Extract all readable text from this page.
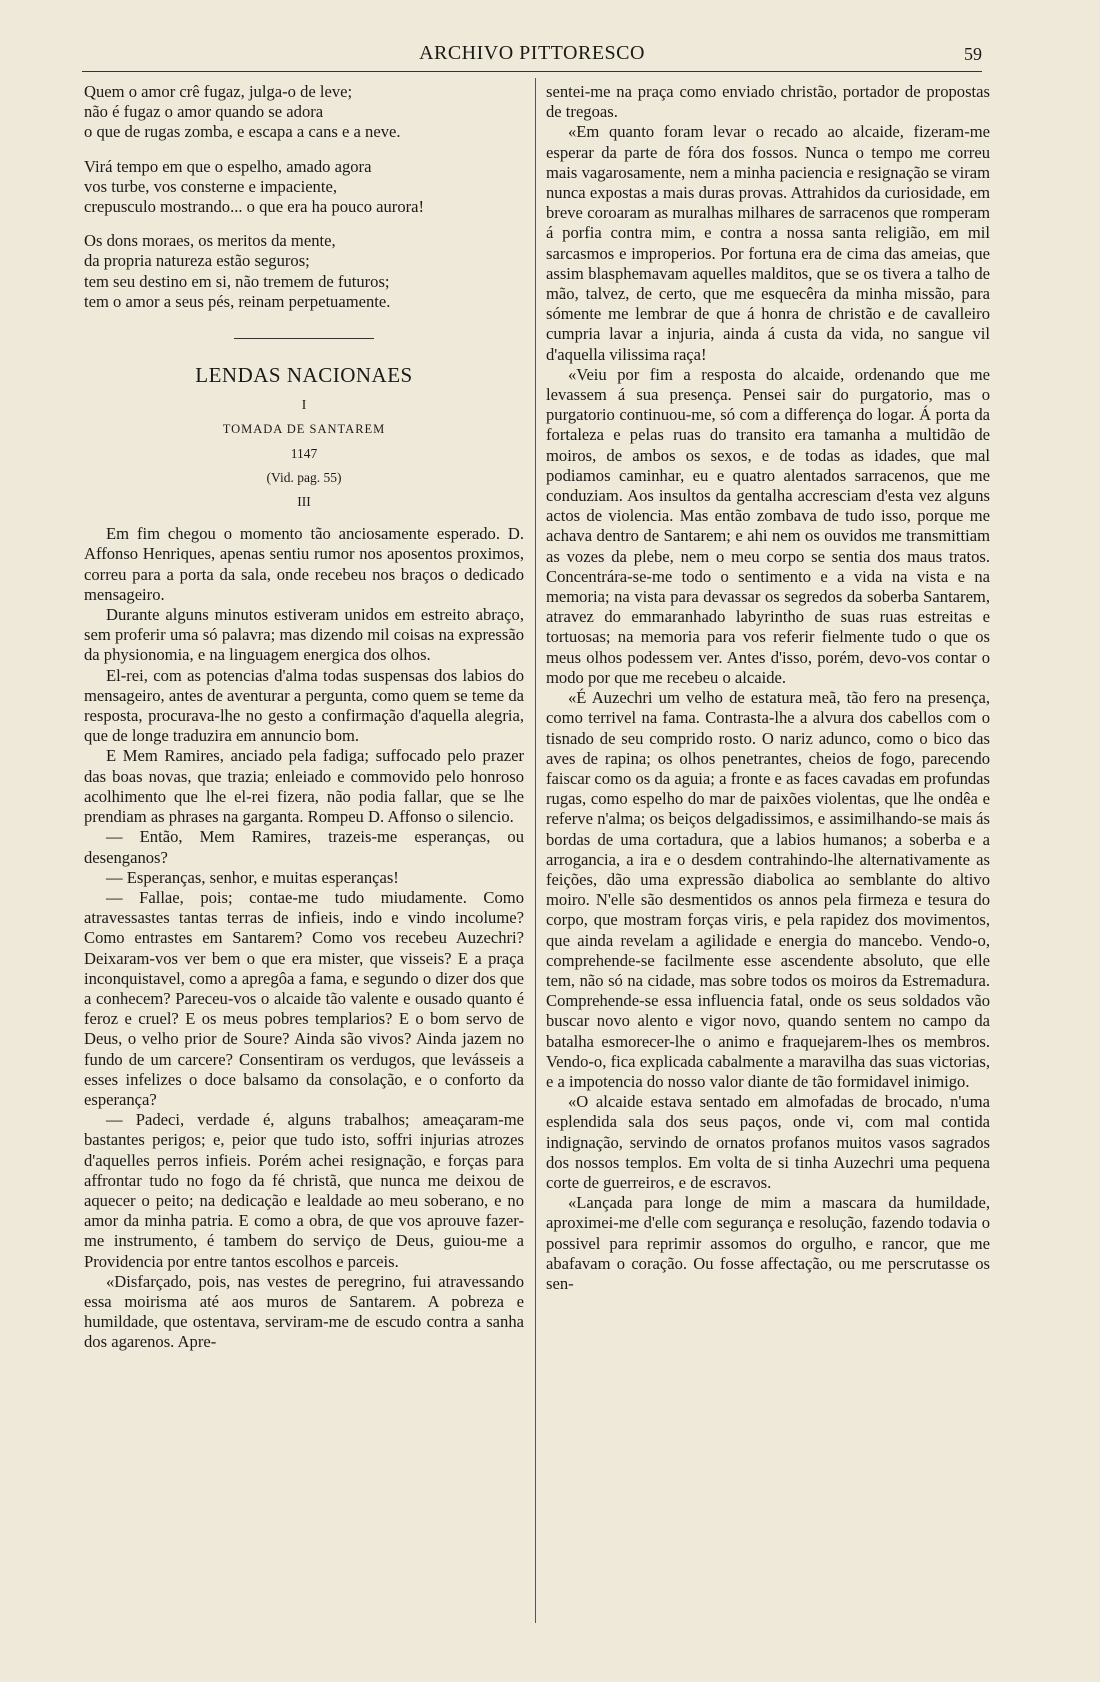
ARCHIVO PITTORESCO	59
Quem o amor crê fugaz, julga-o de leve;
não é fugaz o amor quando se adora
o que de rugas zomba, e escapa a cans e a neve.
Virá tempo em que o espelho, amado agora
vos turbe, vos consterne e impaciente,
crepusculo mostrando... o que era ha pouco aurora!
Os dons moraes, os meritos da mente,
da propria natureza estão seguros;
tem seu destino em si, não tremem de futuros;
tem o amor a seus pés, reinam perpetuamente.
LENDAS NACIONAES
I
TOMADA DE SANTAREM
1147
(Vid. pag. 55)
III

Em fim chegou o momento tão anciosamente esperado. D. Affonso Henriques, apenas sentiu rumor nos aposentos proximos, correu para a porta da sala, onde recebeu nos braços o dedicado mensageiro.

Durante alguns minutos estiveram unidos em estreito abraço, sem proferir uma só palavra; mas dizendo mil coisas na expressão da physionomia, e na linguagem energica dos olhos.

El-rei, com as potencias d'alma todas suspensas dos labios do mensageiro, antes de aventurar a pergunta, como quem se teme da resposta, procurava-lhe no gesto a confirmação d'aquella alegria, que de longe traduzira em annuncio bom.

E Mem Ramires, anciado pela fadiga; suffocado pelo prazer das boas novas, que trazia; enleiado e commovido pelo honroso acolhimento que lhe el-rei fizera, não podia fallar, que se lhe prendiam as phrases na garganta. Rompeu D. Affonso o silencio.

— Então, Mem Ramires, trazeis-me esperanças, ou desenganos?

— Esperanças, senhor, e muitas esperanças!

— Fallae, pois; contae-me tudo miudamente. Como atravessastes tantas terras de infieis, indo e vindo incolume? Como entrastes em Santarem? Como vos recebeu Auzechri? Deixaram-vos ver bem o que era mister, que visseis? E a praça inconquistavel, como a apregôa a fama, e segundo o dizer dos que a conhecem? Pareceu-vos o alcaide tão valente e ousado quanto é feroz e cruel? E os meus pobres templarios? E o bom servo de Deus, o velho prior de Soure? Ainda são vivos? Ainda jazem no fundo de um carcere? Consentiram os verdugos, que levásseis a esses infelizes o doce balsamo da consolação, e o conforto da esperança?

— Padeci, verdade é, alguns trabalhos; ameaçaram-me bastantes perigos; e, peior que tudo isto, soffri injurias atrozes d'aquelles perros infieis. Porém achei resignação, e forças para affrontar tudo no fogo da fé christã, que nunca me deixou de aquecer o peito; na dedicação e lealdade ao meu soberano, e no amor da minha patria. E como a obra, de que vos aprouve fazer-me instrumento, é tambem do serviço de Deus, guiou-me a Providencia por entre tantos escolhos e parceis.

«Disfarçado, pois, nas vestes de peregrino, fui atravessando essa moirisma até aos muros de Santarem. A pobreza e humildade, que ostentava, serviram-me de escudo contra a sanha dos agarenos. Apre-

sentei-me na praça como enviado christão, portador de propostas de tregoas.

«Em quanto foram levar o recado ao alcaide, fizeram-me esperar da parte de fóra dos fossos. Nunca o tempo me correu mais vagarosamente, nem a minha paciencia e resignação se viram nunca expostas a mais duras provas. Attrahidos da curiosidade, em breve coroaram as muralhas milhares de sarracenos que romperam á porfia contra mim, e contra a nossa santa religião, em mil sarcasmos e improperios. Por fortuna era de cima das ameias, que assim blasphemavam aquelles malditos, que se os tivera a talho de mão, talvez, de certo, que me esquecêra da minha missão, para sómente me lembrar de que á honra de christão e de cavalleiro cumpria lavar a injuria, ainda á custa da vida, no sangue vil d'aquella vilissima raça!

«Veiu por fim a resposta do alcaide, ordenando que me levassem á sua presença. Pensei sair do purgatorio, mas o purgatorio continuou-me, só com a differença do logar. Á porta da fortaleza e pelas ruas do transito era tamanha a multidão de moiros, de ambos os sexos, e de todas as idades, que mal podiamos caminhar, eu e quatro alentados sarracenos, que me conduziam. Aos insultos da gentalha accresciam d'esta vez alguns actos de violencia. Mas então zombava de tudo isso, porque me achava dentro de Santarem; e ahi nem os ouvidos me transmittiam as vozes da plebe, nem o meu corpo se sentia dos maus tratos. Concentrára-se-me todo o sentimento e a vida na vista e na memoria; na vista para devassar os segredos da soberba Santarem, atravez do emmaranhado labyrintho de suas ruas estreitas e tortuosas; na memoria para vos referir fielmente tudo o que os meus olhos podessem ver. Antes d'isso, porém, devo-vos contar o modo por que me recebeu o alcaide.

«É Auzechri um velho de estatura meã, tão fero na presença, como terrivel na fama. Contrasta-lhe a alvura dos cabellos com o tisnado de seu comprido rosto. O nariz adunco, como o bico das aves de rapina; os olhos penetrantes, cheios de fogo, parecendo faiscar como os da aguia; a fronte e as faces cavadas em profundas rugas, como espelho do mar de paixões violentas, que lhe ondêa e referve n'alma; os beiços delgadissimos, e assimilhando-se mais ás bordas de uma cortadura, que a labios humanos; a soberba e a arrogancia, a ira e o desdem contrahindo-lhe alternativamente as feições, dão uma expressão diabolica ao semblante do altivo moiro. N'elle são desmentidos os annos pela firmeza e tesura do corpo, que mostram forças viris, e pela rapidez dos movimentos, que ainda revelam a agilidade e energia do mancebo. Vendo-o, comprehende-se facilmente esse ascendente absoluto, que elle tem, não só na cidade, mas sobre todos os moiros da Estremadura. Comprehende-se essa influencia fatal, onde os seus soldados vão buscar novo alento e vigor novo, quando sentem no campo da batalha esmorecer-lhe o animo e fraquejarem-lhes os membros. Vendo-o, fica explicada cabalmente a maravilha das suas victorias, e a impotencia do nosso valor diante de tão formidavel inimigo.

«O alcaide estava sentado em almofadas de brocado, n'uma esplendida sala dos seus paços, onde vi, com mal contida indignação, servindo de ornatos profanos muitos vasos sagrados dos nossos templos. Em volta de si tinha Auzechri uma pequena corte de guerreiros, e de escravos.

«Lançada para longe de mim a mascara da humildade, aproximei-me d'elle com segurança e resolução, fazendo todavia o possivel para reprimir assomos do orgulho, e rancor, que me abafavam o coração. Ou fosse affectação, ou me perscrutasse os sen-
